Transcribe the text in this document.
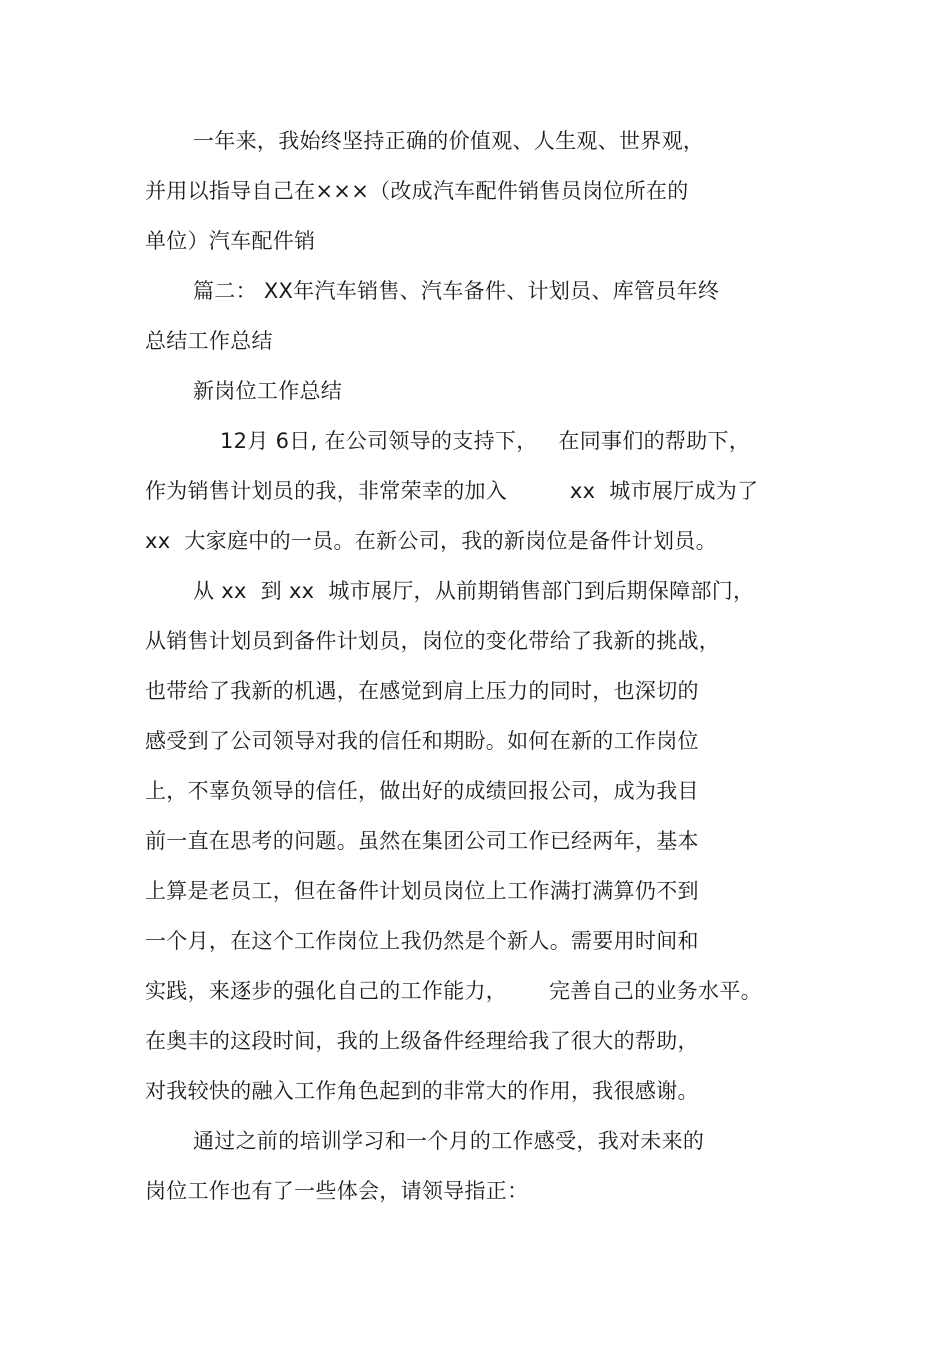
一年来，我始终坚持正确的价值观、人生观、世界观，
并用以指导自己在×××（改成汽车配件销售员岗位所在的
单位）汽车配件销
篇二： XX年汽车销售、汽车备件、计划员、库管员年终
总结工作总结
新岗位工作总结
12月 6日, 在公司领导的支持下，   在同事们的帮助下，
作为销售计划员的我，非常荣幸的加入         xx  城市展厅成为了
xx  大家庭中的一员。在新公司，我的新岗位是备件计划员。
从 xx  到 xx  城市展厅，从前期销售部门到后期保障部门，
从销售计划员到备件计划员，岗位的变化带给了我新的挑战，
也带给了我新的机遇，在感觉到肩上压力的同时，也深切的
感受到了公司领导对我的信任和期盼。如何在新的工作岗位
上，不辜负领导的信任，做出好的成绩回报公司，成为我目
前一直在思考的问题。虽然在集团公司工作已经两年，基本
上算是老员工，但在备件计划员岗位上工作满打满算仍不到
一个月，在这个工作岗位上我仍然是个新人。需要用时间和
实践，来逐步的强化自己的工作能力，      完善自己的业务水平。
在奥丰的这段时间，我的上级备件经理给我了很大的帮助，
对我较快的融入工作角色起到的非常大的作用，我很感谢。
通过之前的培训学习和一个月的工作感受，我对未来的
岗位工作也有了一些体会，请领导指正：
